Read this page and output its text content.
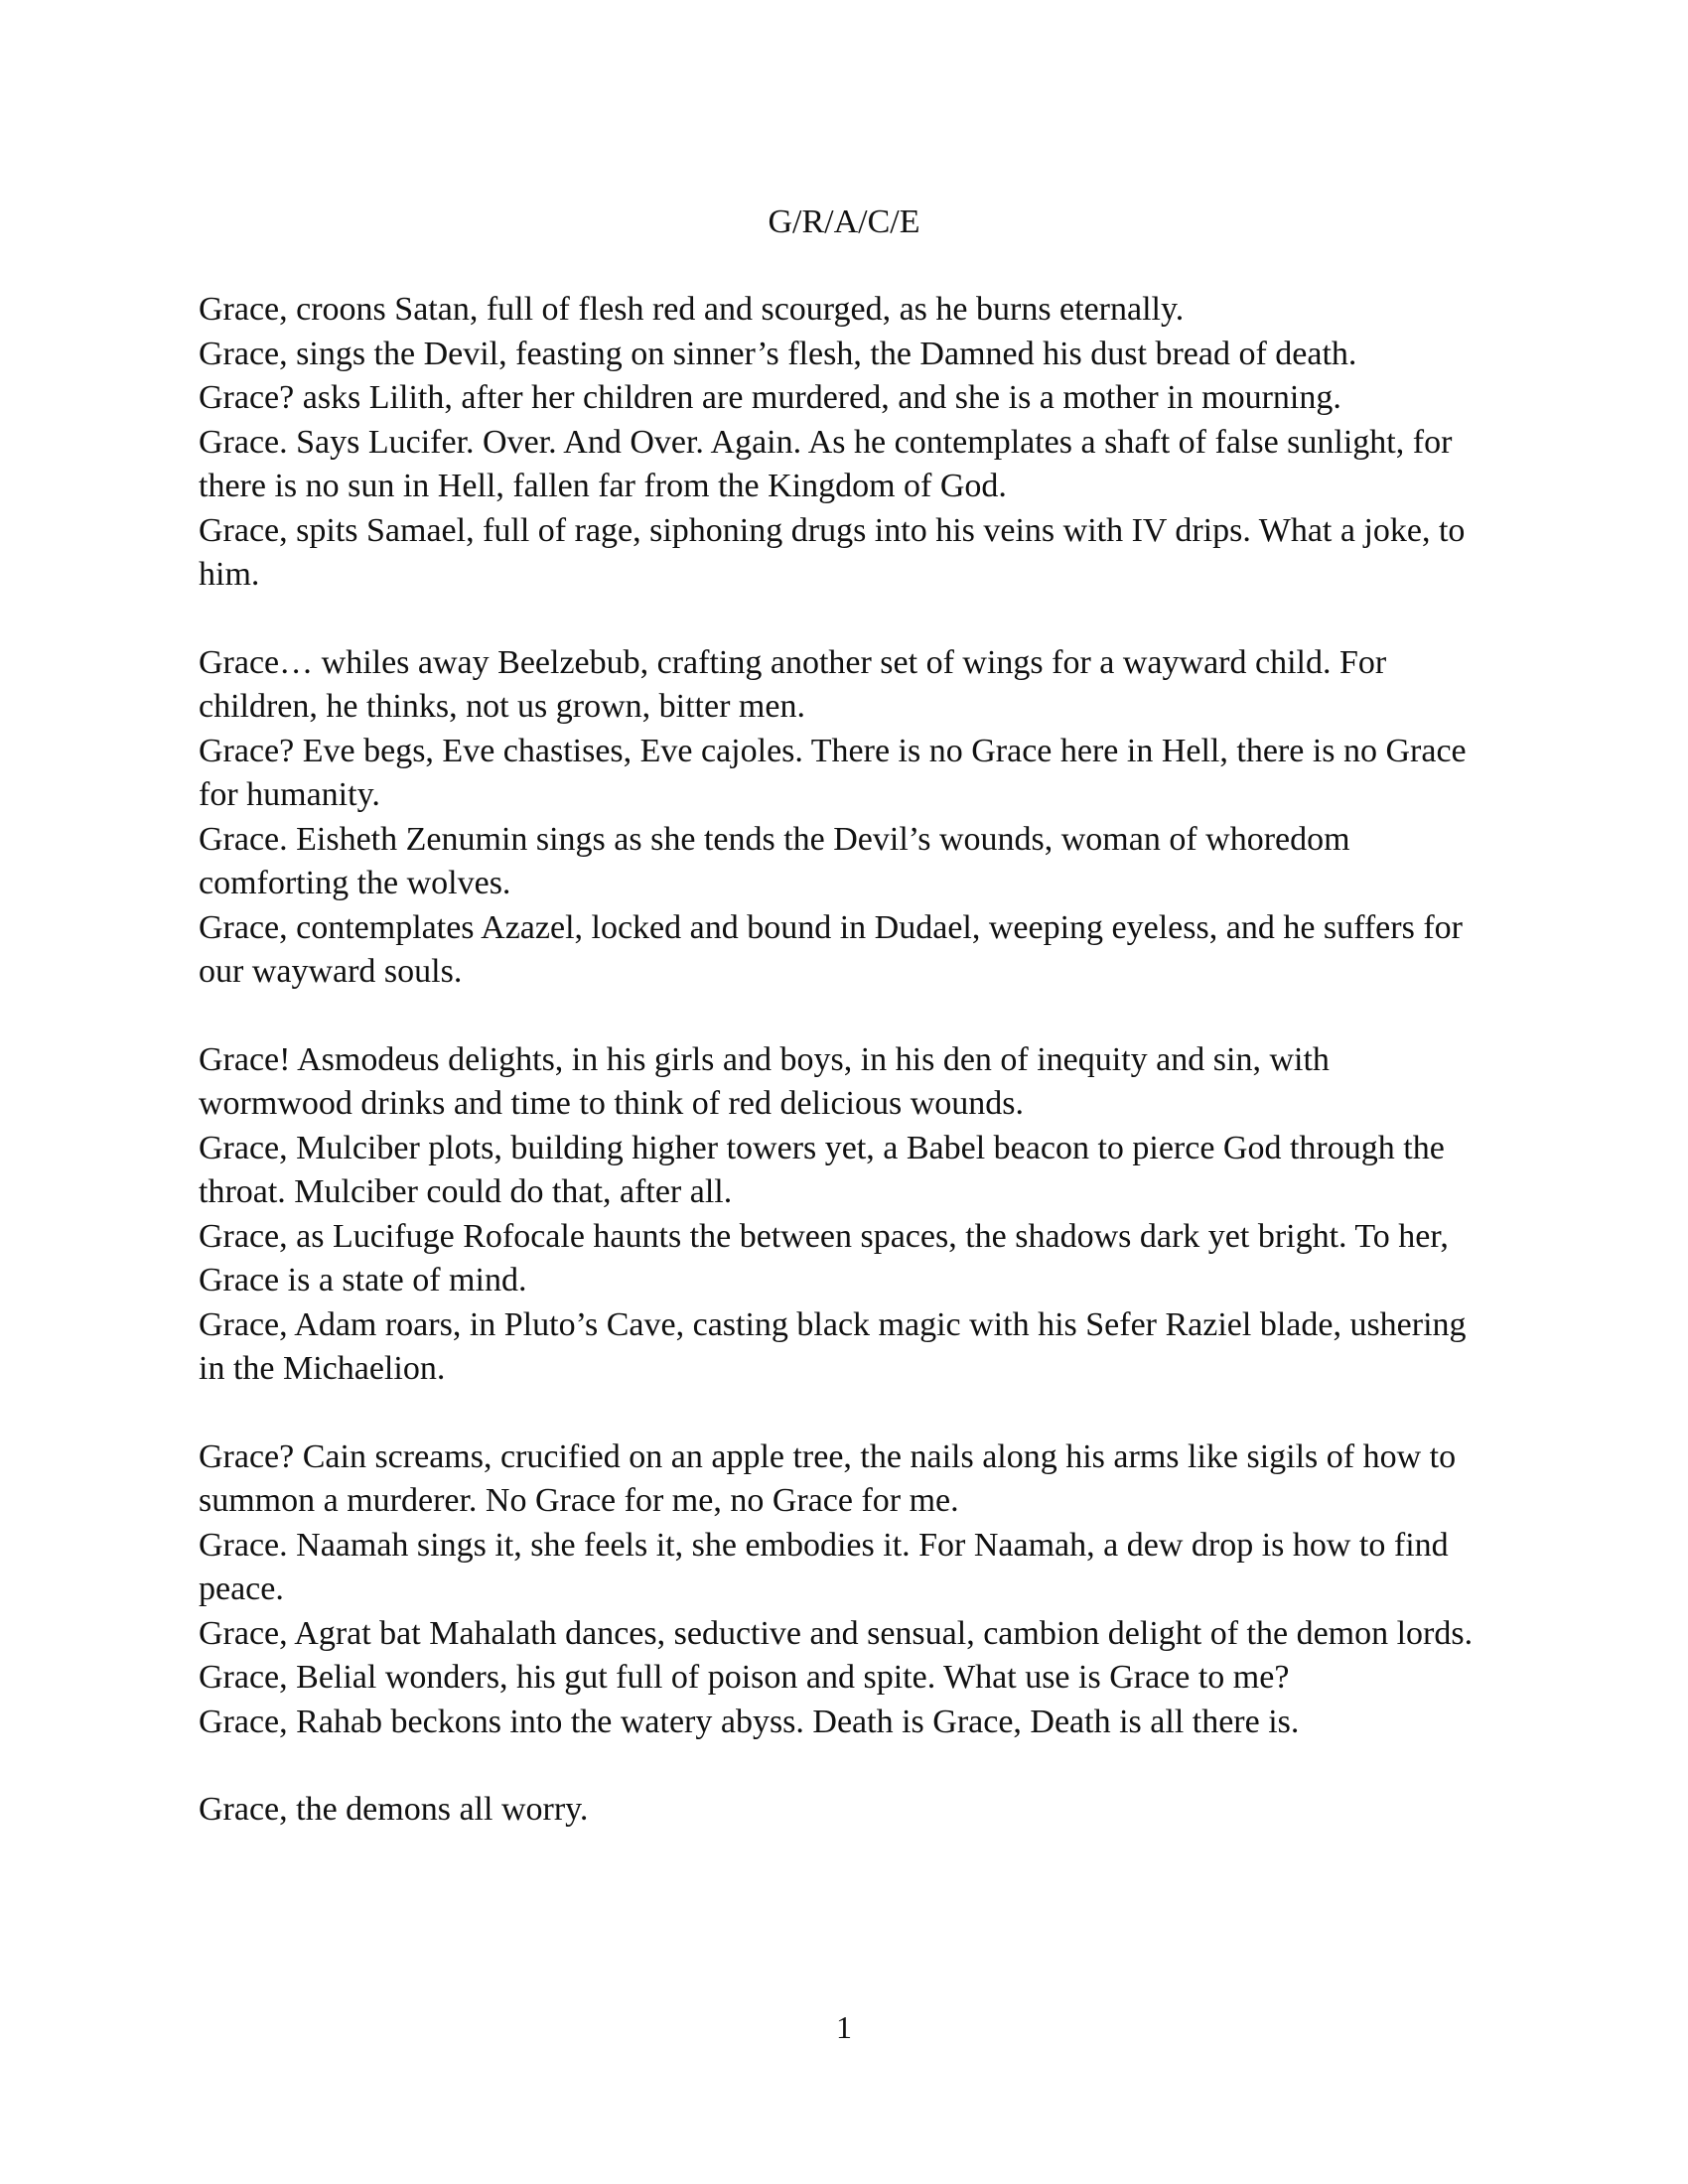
G/R/A/C/E

Grace, croons Satan, full of flesh red and scourged, as he burns eternally.

Grace, sings the Devil, feasting on sinner’s flesh, the Damned his dust bread of death.

Grace? asks Lilith, after her children are murdered, and she is a mother in mourning.

Grace. Says Lucifer. Over. And Over. Again. As he contemplates a shaft of false sunlight, for there is no sun in Hell, fallen far from the Kingdom of God.

Grace, spits Samael, full of rage, siphoning drugs into his veins with IV drips. What a joke, to him.

Grace… whiles away Beelzebub, crafting another set of wings for a wayward child. For children, he thinks, not us grown, bitter men.

Grace? Eve begs, Eve chastises, Eve cajoles. There is no Grace here in Hell, there is no Grace for humanity.

Grace. Eisheth Zenumin sings as she tends the Devil’s wounds, woman of whoredom comforting the wolves.

Grace, contemplates Azazel, locked and bound in Dudael, weeping eyeless, and he suffers for our wayward souls.

Grace! Asmodeus delights, in his girls and boys, in his den of inequity and sin, with wormwood drinks and time to think of red delicious wounds.

Grace, Mulciber plots, building higher towers yet, a Babel beacon to pierce God through the throat. Mulciber could do that, after all.

Grace, as Lucifuge Rofocale haunts the between spaces, the shadows dark yet bright. To her, Grace is a state of mind.

Grace, Adam roars, in Pluto’s Cave, casting black magic with his Sefer Raziel blade, ushering in the Michaelion.

Grace? Cain screams, crucified on an apple tree, the nails along his arms like sigils of how to summon a murderer. No Grace for me, no Grace for me.

Grace. Naamah sings it, she feels it, she embodies it. For Naamah, a dew drop is how to find peace.

Grace, Agrat bat Mahalath dances, seductive and sensual, cambion delight of the demon lords.

Grace, Belial wonders, his gut full of poison and spite. What use is Grace to me?

Grace, Rahab beckons into the watery abyss. Death is Grace, Death is all there is.

Grace, the demons all worry.

1
